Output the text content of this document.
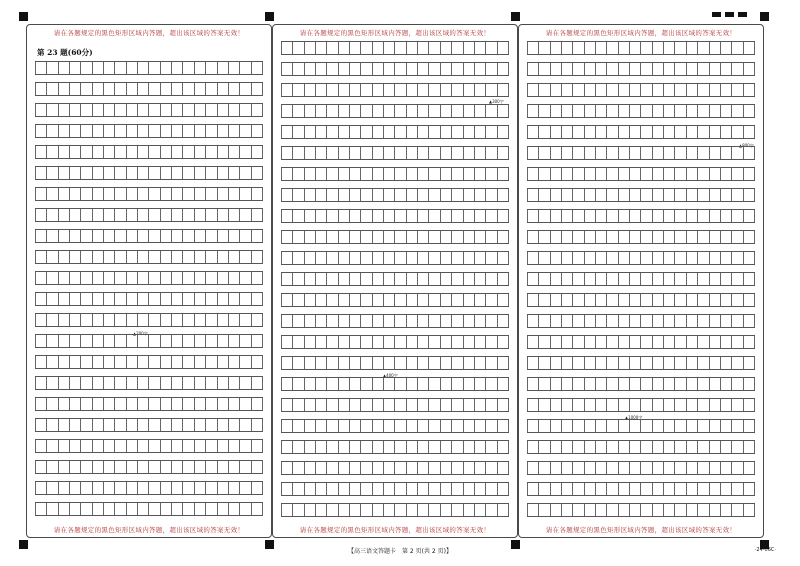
请在各题规定的黑色矩形区域内答题，超出该区域的答案无效！
第 23 题(60分)
请在各题规定的黑色矩形区域内答题，超出该区域的答案无效！
▲200字
请在各题规定的黑色矩形区域内答题，超出该区域的答案无效！
请在各题规定的黑色矩形区域内答题，超出该区域的答案无效！
▲300字
▲400字
请在各题规定的黑色矩形区域内答题，超出该区域的答案无效！
请在各题规定的黑色矩形区域内答题，超出该区域的答案无效！
▲800字
▲1000字
【高三语文答题卡　第 2 页(共 2 页)】	·24-06C·
